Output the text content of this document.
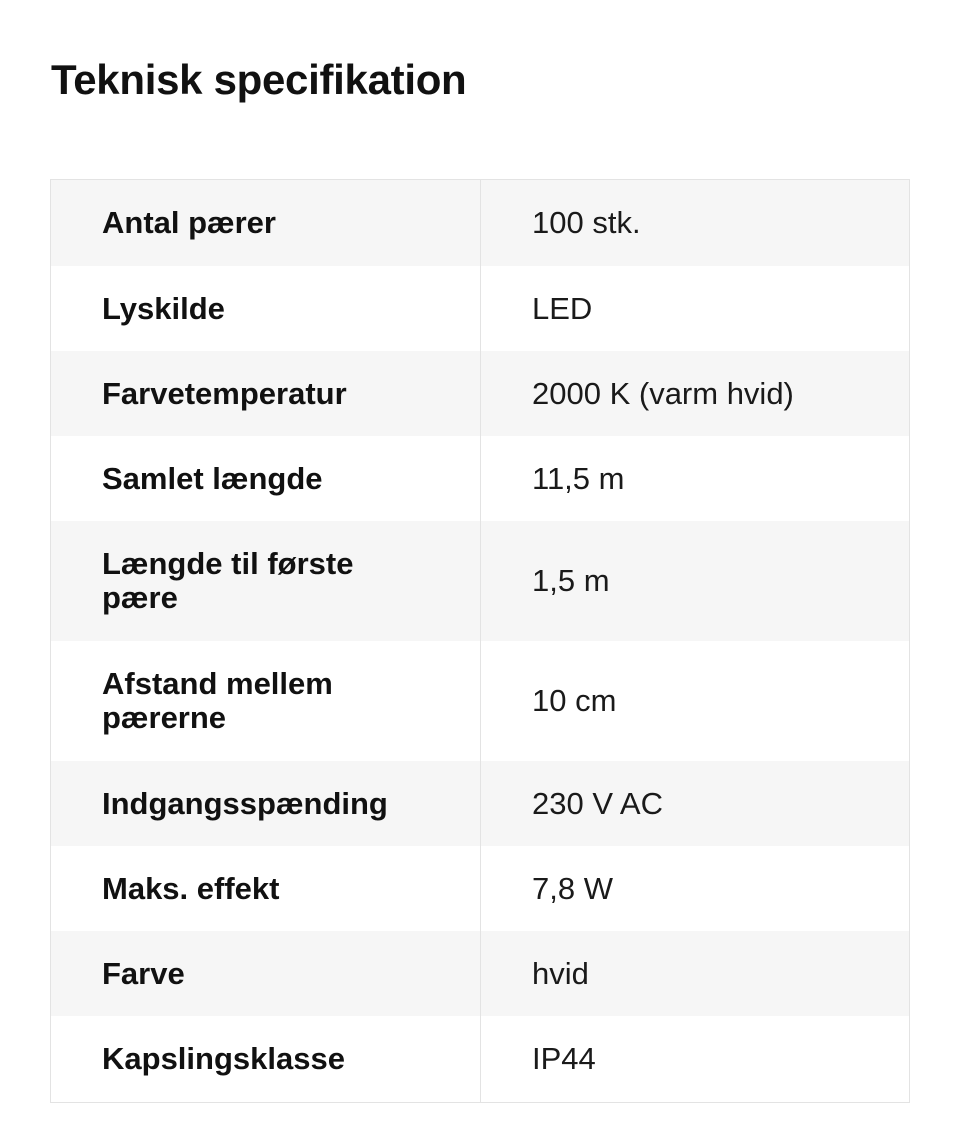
Teknisk specifikation
Antal pærer	100 stk.
Lyskilde	LED
Farvetemperatur	2000 K (varm hvid)
Samlet længde	11,5 m
Længde til første pære	1,5 m
Afstand mellem pærerne	10 cm
Indgangsspænding	230 V AC
Maks. effekt	7,8 W
Farve	hvid
Kapslingsklasse	IP44
